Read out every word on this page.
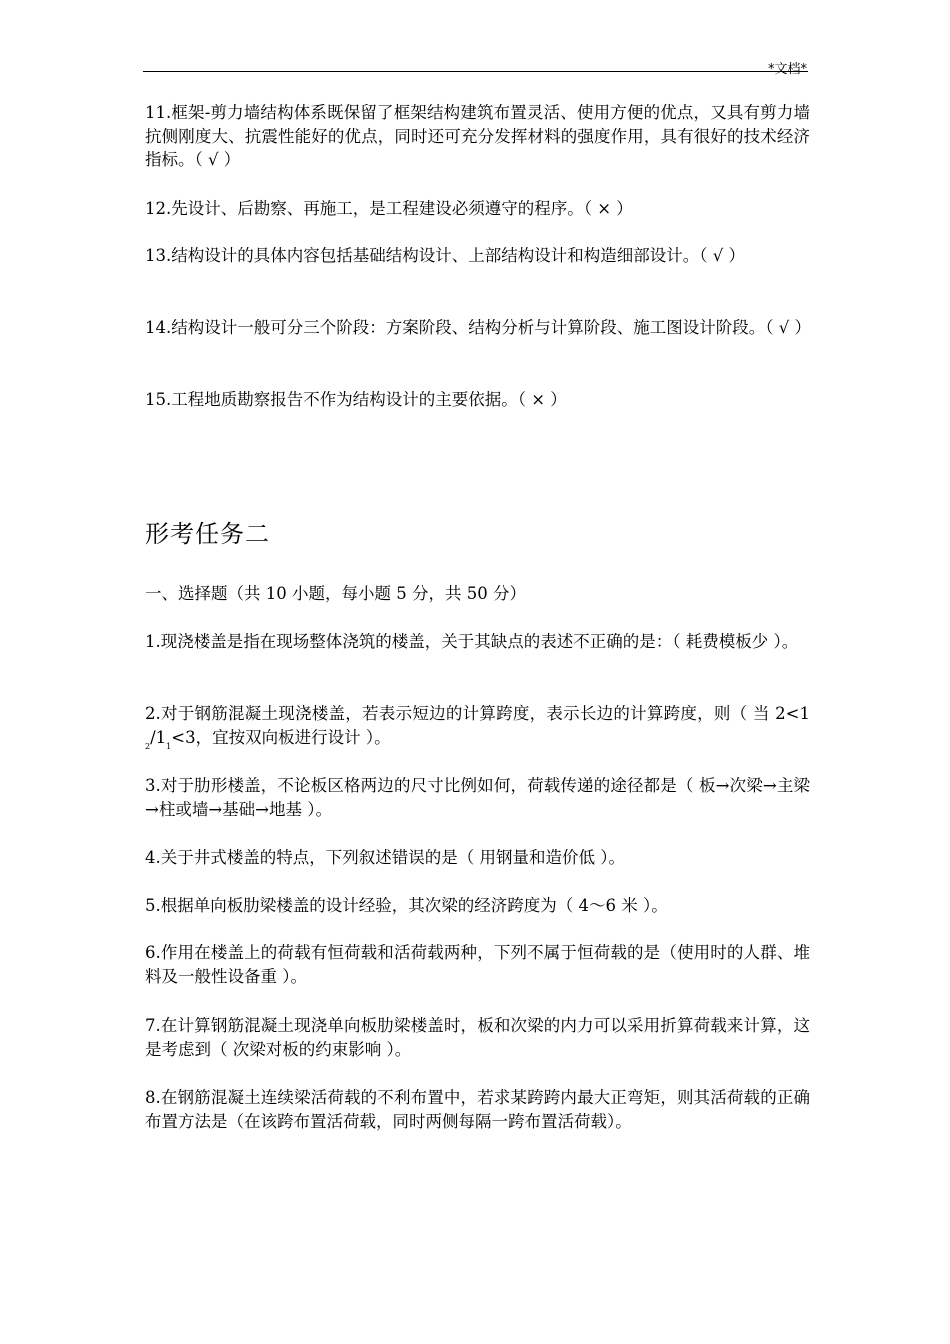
*文档*
11.框架-剪力墙结构体系既保留了框架结构建筑布置灵活、使用方便的优点，又具有剪力墙抗侧刚度大、抗震性能好的优点，同时还可充分发挥材料的强度作用，具有很好的技术经济指标。（ √ ）
12.先设计、后勘察、再施工，是工程建设必须遵守的程序。（ × ）
13.结构设计的具体内容包括基础结构设计、上部结构设计和构造细部设计。（ √ ）
14.结构设计一般可分三个阶段：方案阶段、结构分析与计算阶段、施工图设计阶段。（ √ ）
15.工程地质勘察报告不作为结构设计的主要依据。（ × ）
形考任务二
一、选择题（共 10 小题，每小题 5 分，共 50 分）
1.现浇楼盖是指在现场整体浇筑的楼盖，关于其缺点的表述不正确的是：（ 耗费模板少 ）。
2.对于钢筋混凝土现浇楼盖，若表示短边的计算跨度，表示长边的计算跨度，则（ 当 $2<1_2/1_1<3$，宜按双向板进行设计 ）。
3.对于肋形楼盖，不论板区格两边的尺寸比例如何，荷载传递的途径都是（ 板→次梁→主梁→柱或墙→基础→地基 ）。
4.关于井式楼盖的特点，下列叙述错误的是（ 用钢量和造价低 ）。
5.根据单向板肋梁楼盖的设计经验，其次梁的经济跨度为（ 4～6 米 ）。
6.作用在楼盖上的荷载有恒荷载和活荷载两种，下列不属于恒荷载的是（使用时的人群、堆料及一般性设备重 ）。
7.在计算钢筋混凝土现浇单向板肋梁楼盖时，板和次梁的内力可以采用折算荷载来计算，这是考虑到（ 次梁对板的约束影响 ）。
8.在钢筋混凝土连续梁活荷载的不利布置中，若求某跨跨内最大正弯矩，则其活荷载的正确布置方法是（在该跨布置活荷载，同时两侧每隔一跨布置活荷载）。
